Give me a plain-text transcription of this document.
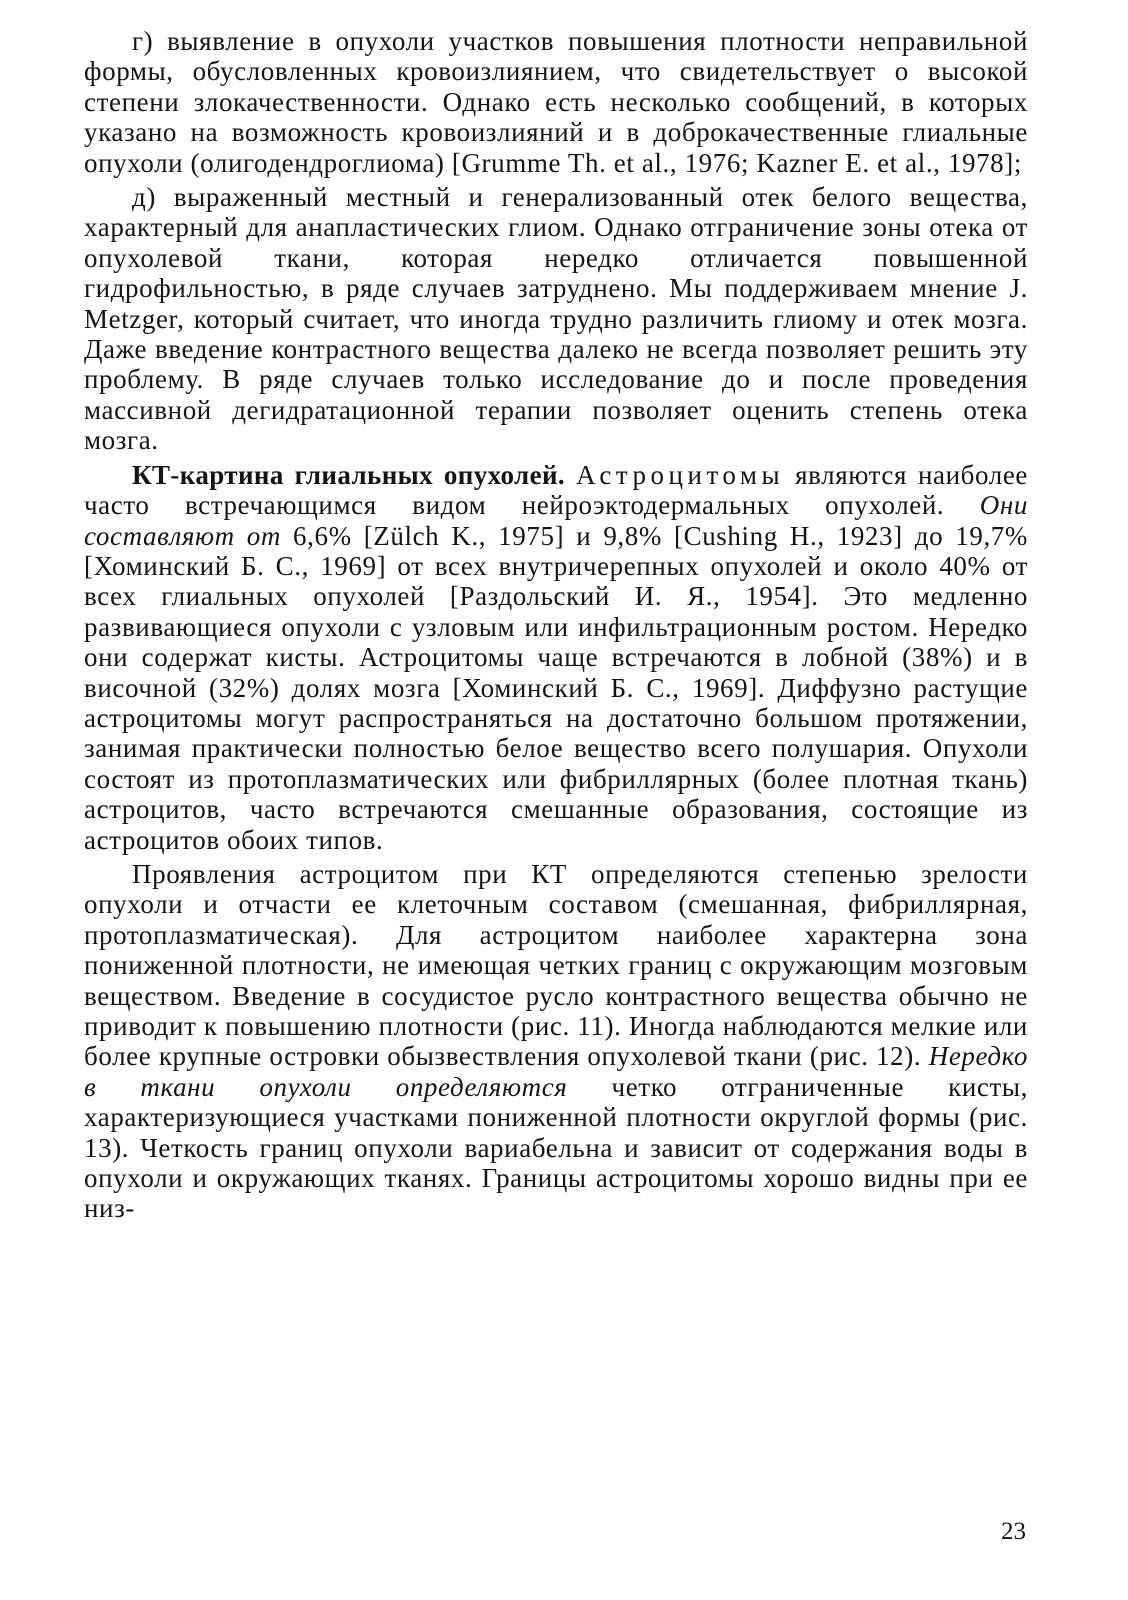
г) выявление в опухоли участков повышения плотности неправильной формы, обусловленных кровоизлиянием, что свидетельствует о высокой степени злокачественности. Однако есть несколько сообщений, в которых указано на возможность кровоизлияний и в доброкачественные глиальные опухоли (олигодендроглиома) [Grumme Th. et al., 1976; Kazner E. et al., 1978];

д) выраженный местный и генерализованный отек белого вещества, характерный для анапластических глиом. Однако отграничение зоны отека от опухолевой ткани, которая нередко отличается повышенной гидрофильностью, в ряде случаев затруднено. Мы поддерживаем мнение J. Metzger, который считает, что иногда трудно различить глиому и отек мозга. Даже введение контрастного вещества далеко не всегда позволяет решить эту проблему. В ряде случаев только исследование до и после проведения массивной дегидратационной терапии позволяет оценить степень отека мозга.

КТ-картина глиальных опухолей. Астроцитомы являются наиболее часто встречающимся видом нейроэктодермальных опухолей. Они составляют от 6,6% [Zülch K., 1975] и 9,8% [Cushing H., 1923] до 19,7% [Хоминский Б. С., 1969] от всех внутричерепных опухолей и около 40% от всех глиальных опухолей [Раздольский И. Я., 1954]. Это медленно развивающиеся опухоли с узловым или инфильтрационным ростом. Нередко они содержат кисты. Астроцитомы чаще встречаются в лобной (38%) и в височной (32%) долях мозга [Хоминский Б. С., 1969]. Диффузно растущие астроцитомы могут распространяться на достаточно большом протяжении, занимая практически полностью белое вещество всего полушария. Опухоли состоят из протоплазматических или фибриллярных (более плотная ткань) астроцитов, часто встречаются смешанные образования, состоящие из астроцитов обоих типов.

Проявления астроцитом при КТ определяются степенью зрелости опухоли и отчасти ее клеточным составом (смешанная, фибриллярная, протоплазматическая). Для астроцитом наиболее характерна зона пониженной плотности, не имеющая четких границ с окружающим мозговым веществом. Введение в сосудистое русло контрастного вещества обычно не приводит к повышению плотности (рис. 11). Иногда наблюдаются мелкие или более крупные островки обызвествления опухолевой ткани (рис. 12). Нередко в ткани опухоли определяются четко отграниченные кисты, характеризующиеся участками пониженной плотности округлой формы (рис. 13). Четкость границ опухоли вариабельна и зависит от содержания воды в опухоли и окружающих тканях. Границы астроцитомы хорошо видны при ее низ-

23
